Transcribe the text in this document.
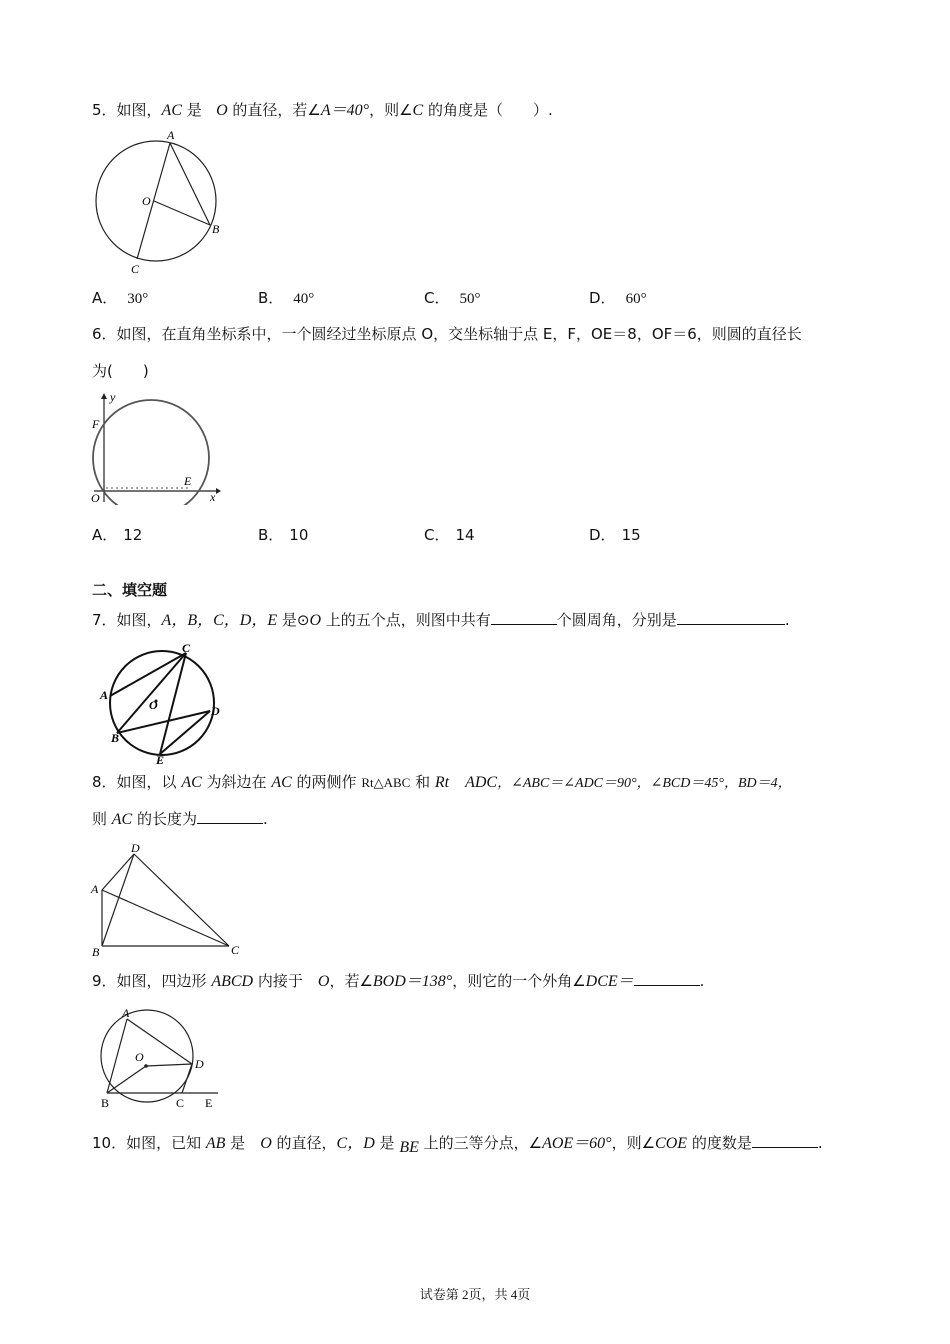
5．如图，AC 是   O 的直径，若∠A＝40°，则∠C 的角度是（　　）.
A
O
B
C
A． 30°	B． 40°	C． 50°	D． 60°
6．如图，在直角坐标系中，一个圆经过坐标原点 O，交坐标轴于点 E，F，OE＝8，OF＝6，则圆的直径长
为(　　)
y
F
O
E
x
A． 12	B． 10	C． 14	D． 15
二、填空题
7．如图，A，B，C，D，E 是⊙O 上的五个点，则图中共有	个圆周角，分别是	.
C
A
O	D
B
E
8．如图，以 AC 为斜边在 AC 的两侧作 Rt△ABC 和 Rt　ADC，∠ABC＝∠ADC＝90°，∠BCD＝45°，BD＝4，
则 AC 的长度为	.
D
A
B	C
9．如图，四边形 ABCD 内接于　O，若∠BOD＝138°，则它的一个外角∠DCE＝	.
A
O	D
B	C E
10．如图，已知 AB 是　O 的直径，C，D 是 BE 上的三等分点，∠AOE＝60°，则∠COE 的度数是	.
试卷第 2页，共 4页
